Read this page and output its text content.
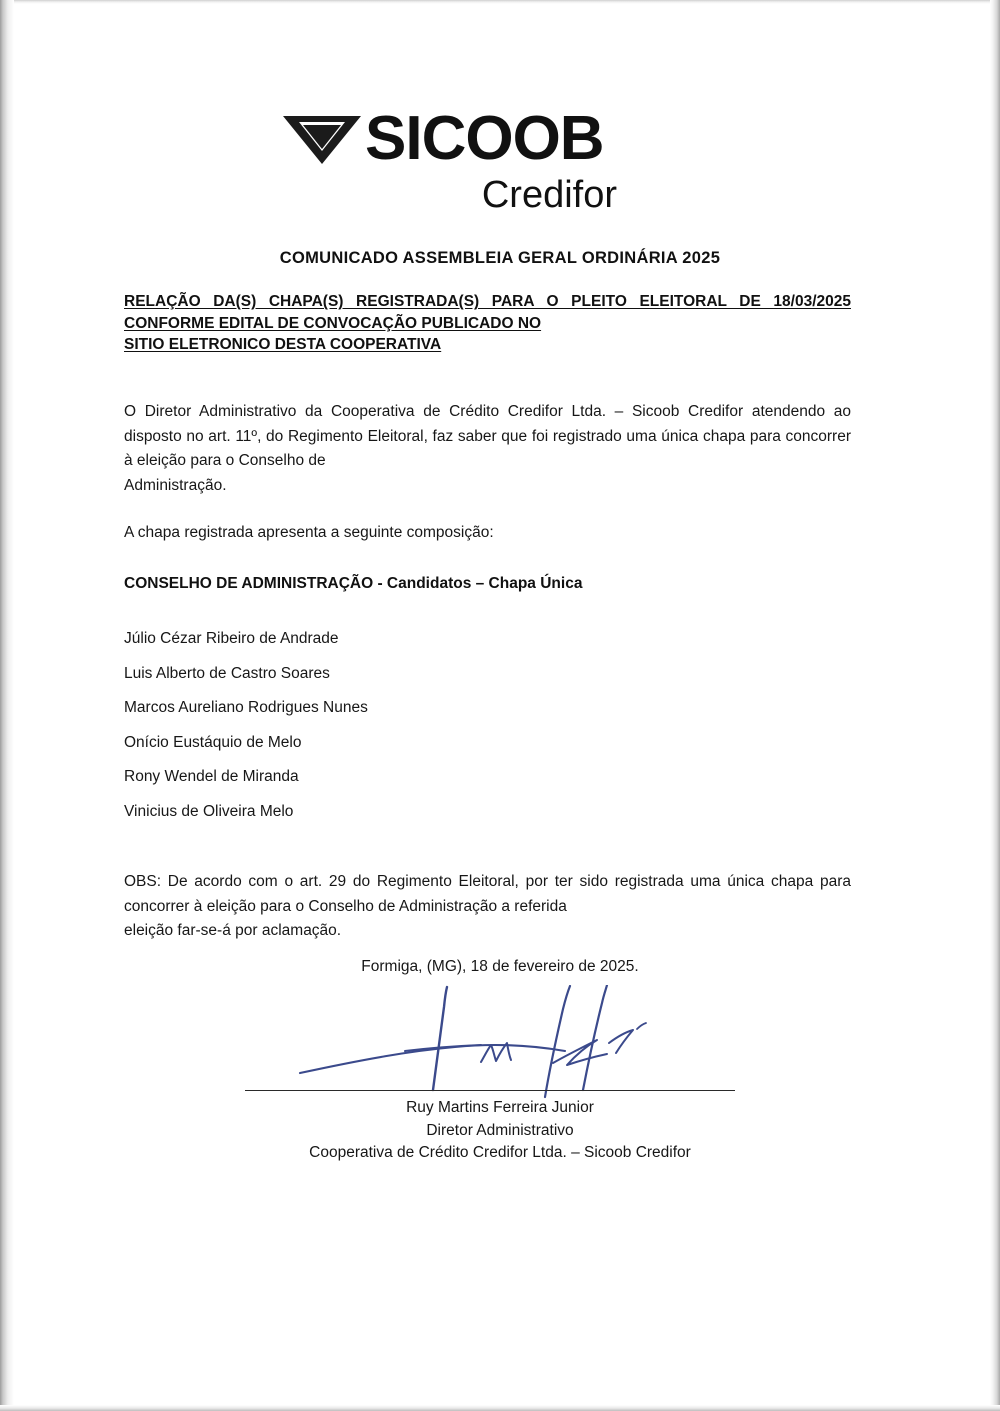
SICOOB
Credifor
COMUNICADO ASSEMBLEIA GERAL ORDINÁRIA 2025
RELAÇÃO DA(S) CHAPA(S) REGISTRADA(S) PARA O PLEITO ELEITORAL DE 18/03/2025 CONFORME EDITAL DE CONVOCAÇÃO PUBLICADO NO
SITIO ELETRONICO DESTA COOPERATIVA
O Diretor Administrativo da Cooperativa de Crédito Credifor Ltda. – Sicoob Credifor atendendo ao disposto no art. 11º, do Regimento Eleitoral, faz saber que foi registrado uma única chapa para concorrer à eleição para o Conselho de
Administração.
A chapa registrada apresenta a seguinte composição:
CONSELHO DE ADMINISTRAÇÃO - Candidatos – Chapa Única
Júlio Cézar Ribeiro de Andrade
Luis Alberto de Castro Soares
Marcos Aureliano Rodrigues Nunes
Onício Eustáquio de Melo
Rony Wendel de Miranda
Vinicius de Oliveira Melo
OBS: De acordo com o art. 29 do Regimento Eleitoral, por ter sido registrada uma única chapa para concorrer à eleição para o Conselho de Administração a referida
eleição far-se-á por aclamação.
Formiga, (MG), 18 de fevereiro de 2025.
Ruy Martins Ferreira Junior
Diretor Administrativo
Cooperativa de Crédito Credifor Ltda. – Sicoob Credifor
